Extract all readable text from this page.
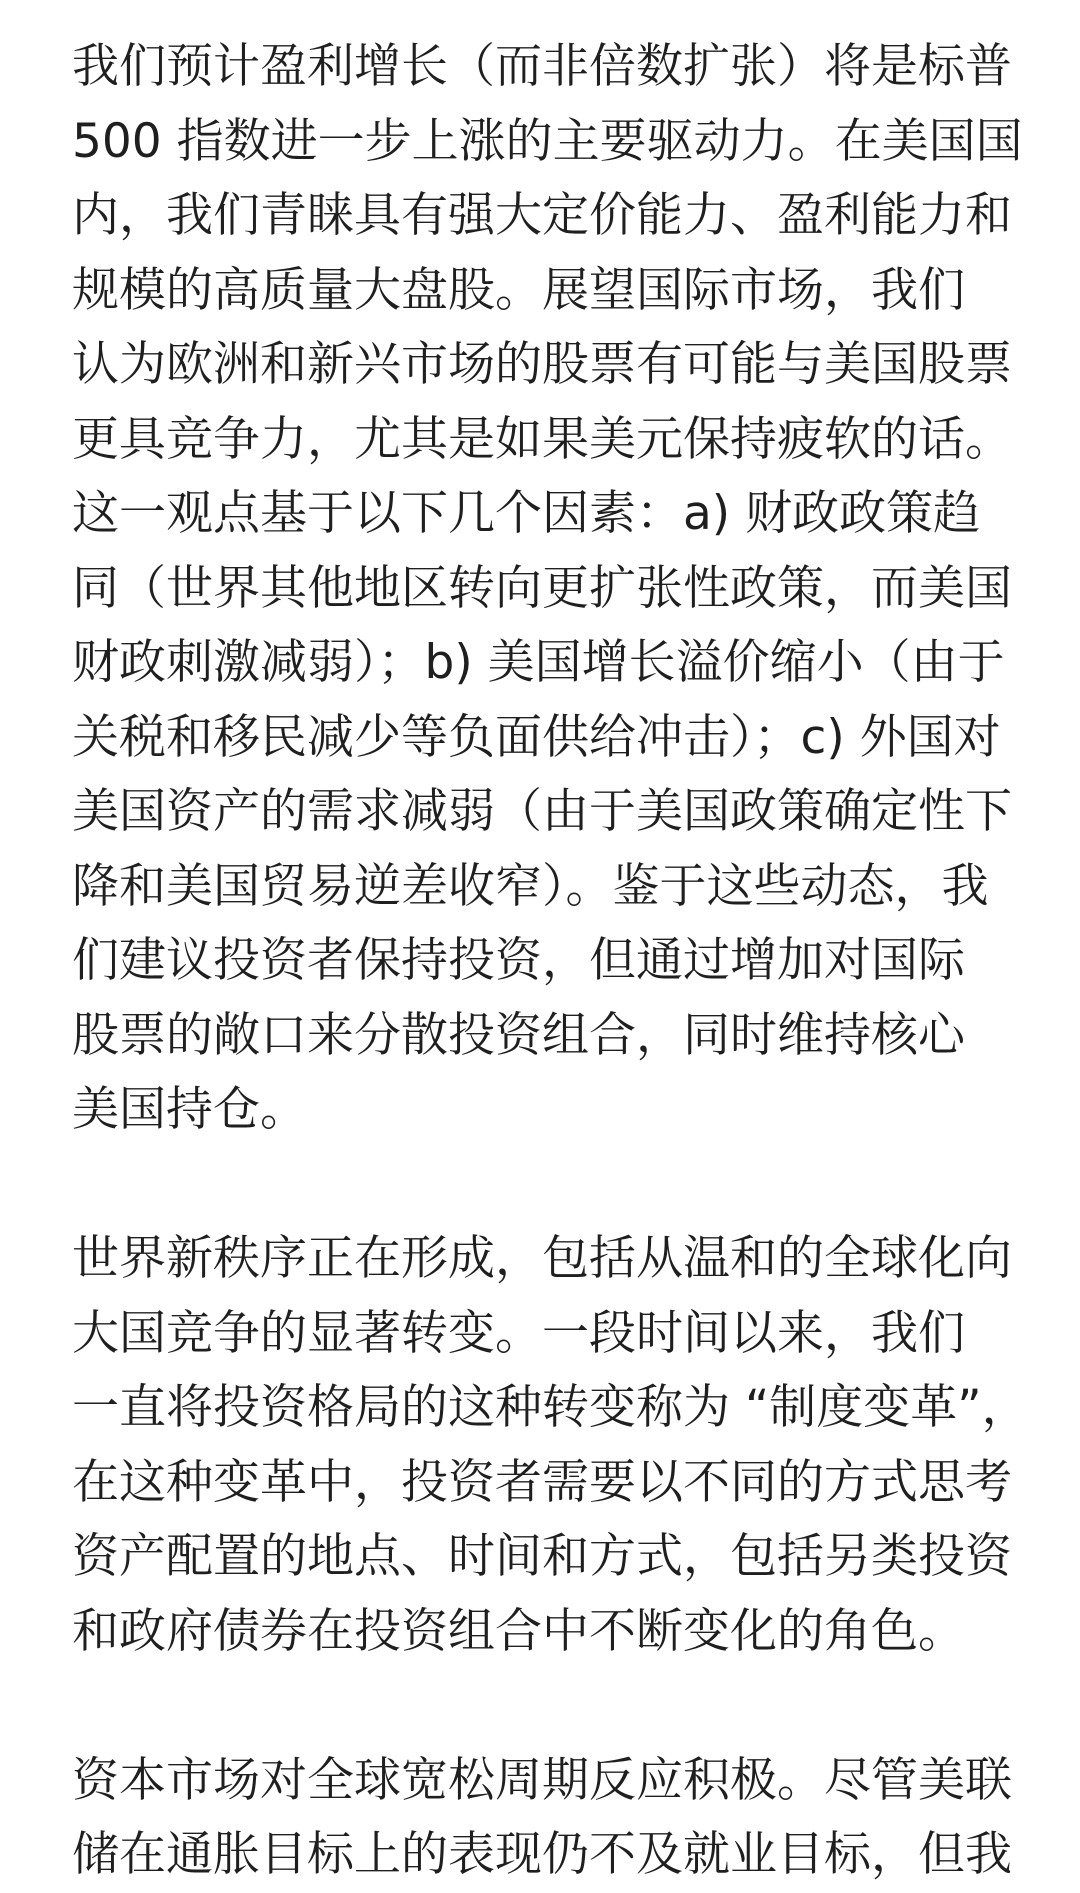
我们预计盈利增长（而非倍数扩张）将是标普
500 指数进一步上涨的主要驱动力。在美国国
内，我们青睐具有强大定价能力、盈利能力和
规模的高质量大盘股。展望国际市场，我们
认为欧洲和新兴市场的股票有可能与美国股票
更具竞争力，尤其是如果美元保持疲软的话。
这一观点基于以下几个因素：a) 财政政策趋
同（世界其他地区转向更扩张性政策，而美国
财政刺激减弱）；b) 美国增长溢价缩小（由于
关税和移民减少等负面供给冲击）；c) 外国对
美国资产的需求减弱（由于美国政策确定性下
降和美国贸易逆差收窄）。鉴于这些动态，我
们建议投资者保持投资，但通过增加对国际
股票的敞口来分散投资组合，同时维持核心
美国持仓。
世界新秩序正在形成，包括从温和的全球化向
大国竞争的显著转变。一段时间以来，我们
一直将投资格局的这种转变称为 “制度变革”，
在这种变革中，投资者需要以不同的方式思考
资产配置的地点、时间和方式，包括另类投资
和政府债券在投资组合中不断变化的角色。
资本市场对全球宽松周期反应积极。尽管美联
储在通胀目标上的表现仍不及就业目标，但我
